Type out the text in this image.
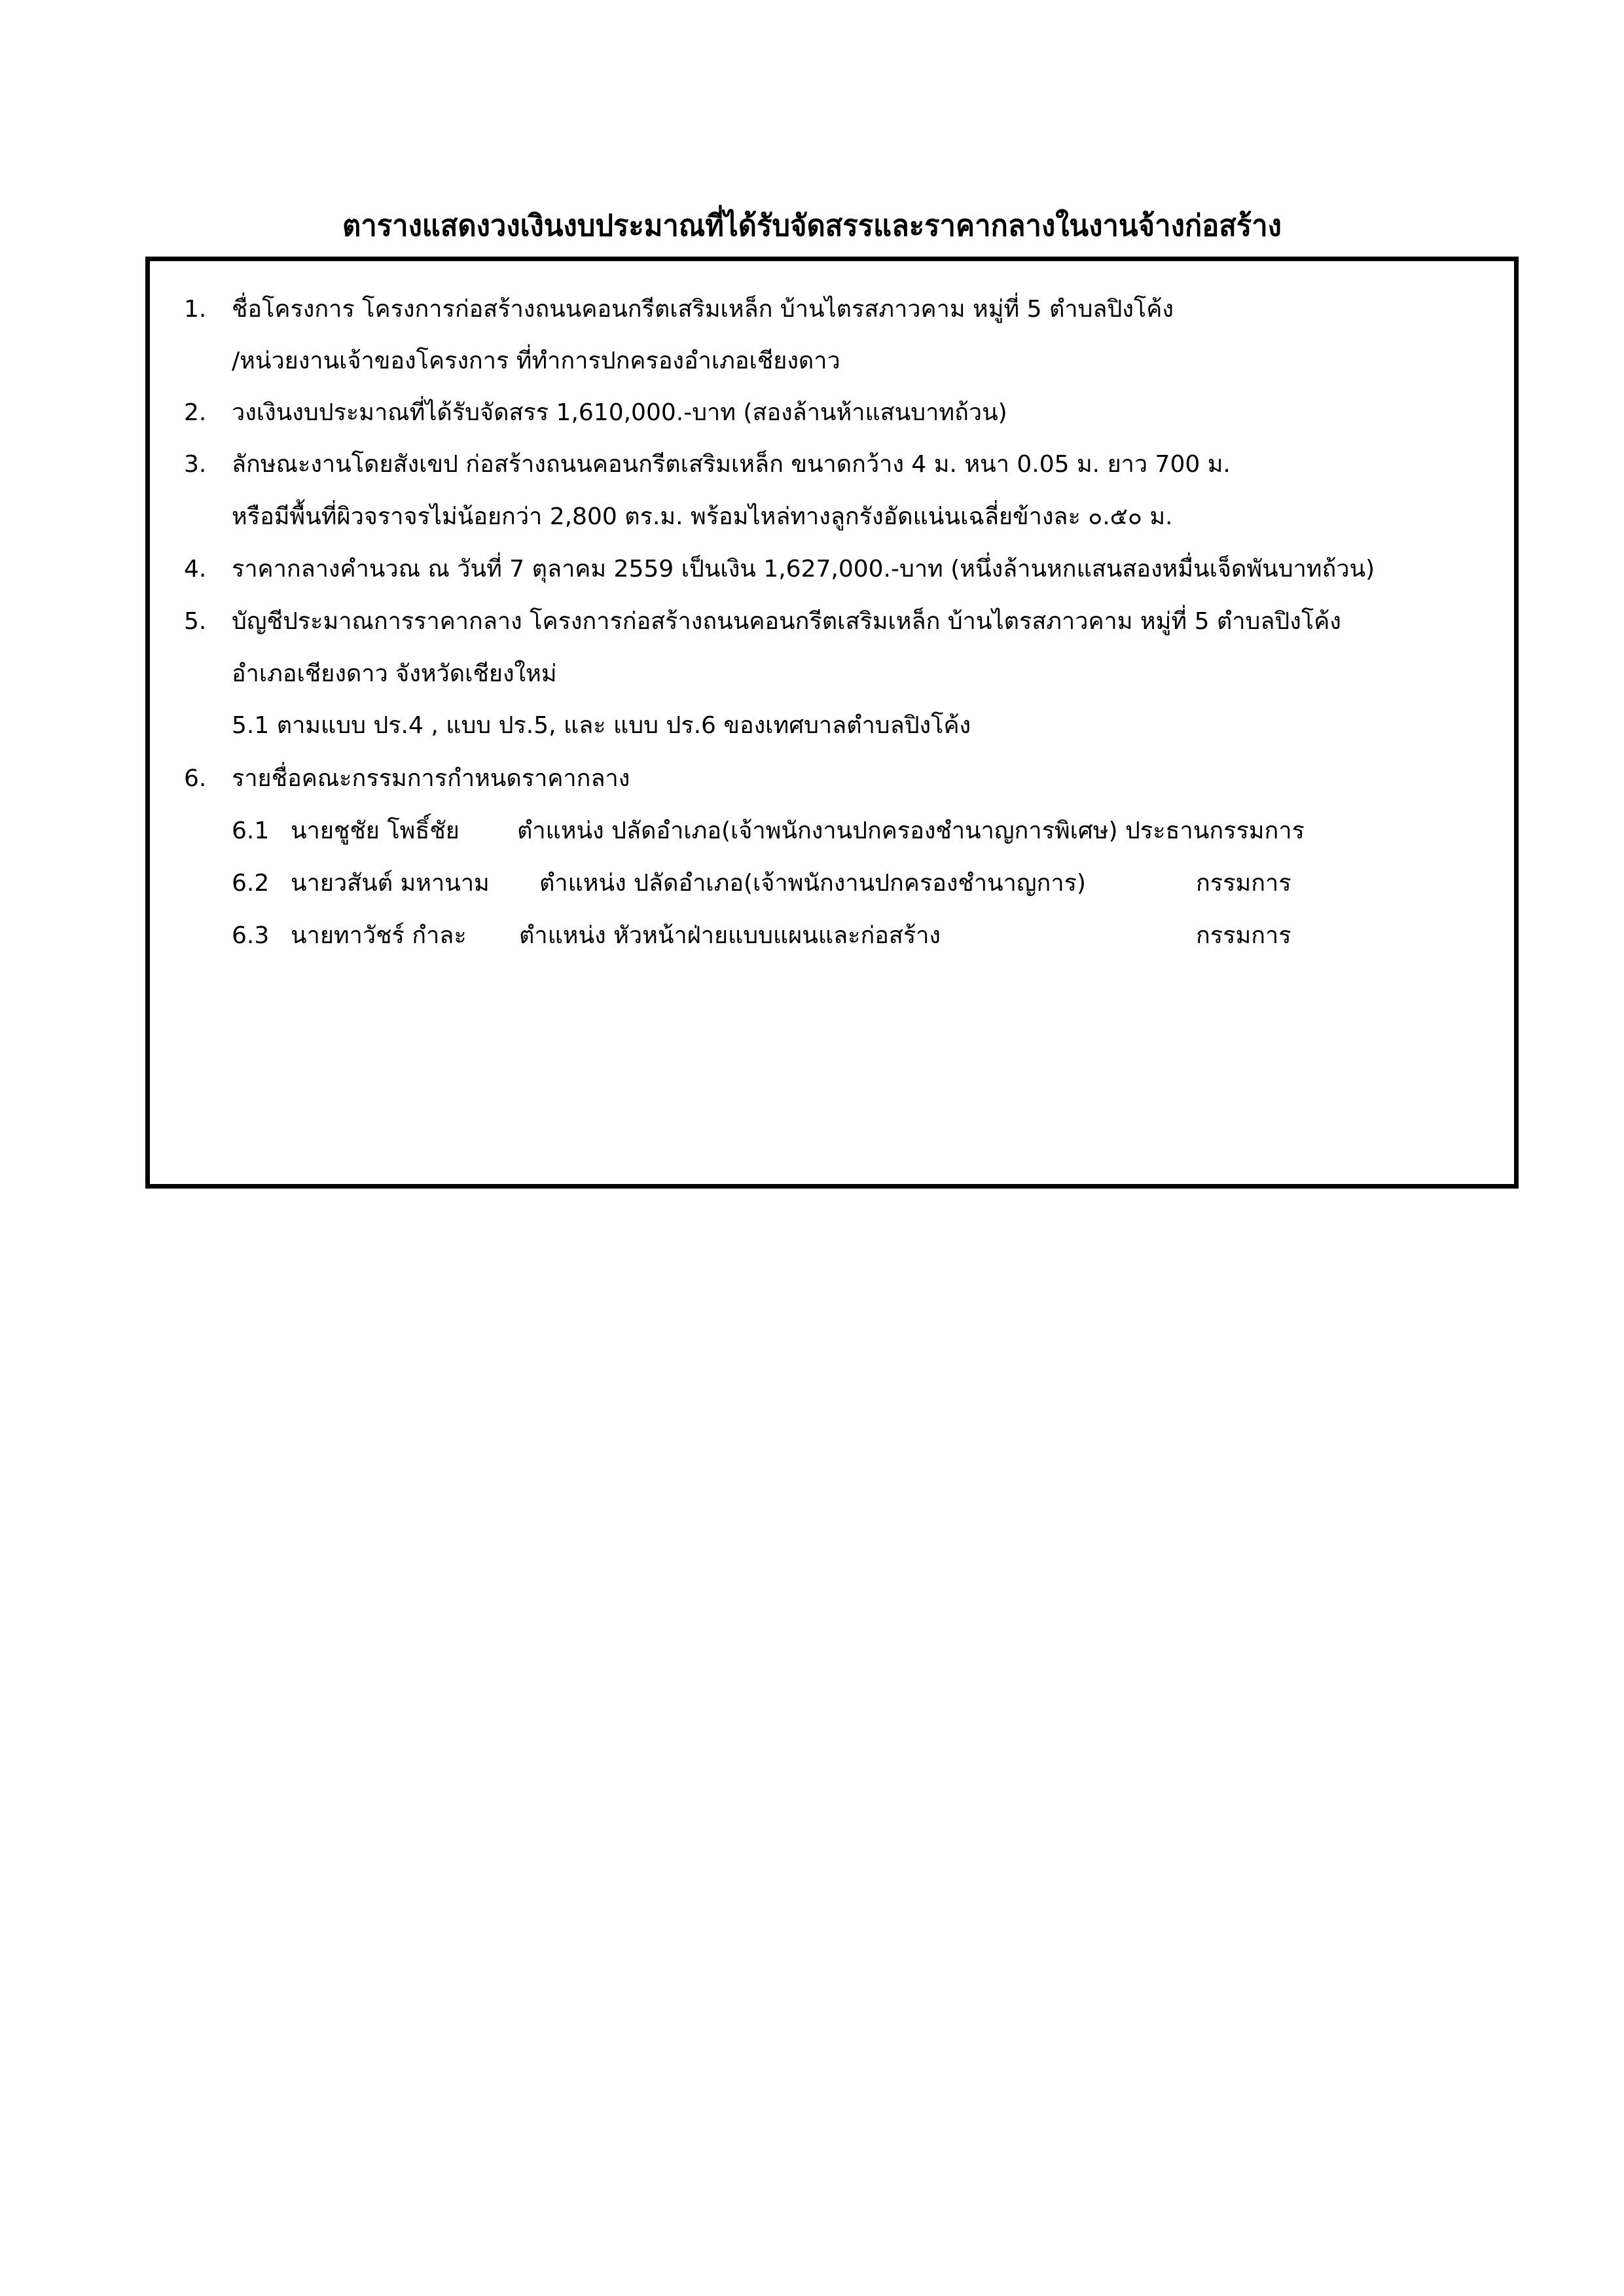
ตารางแสดงวงเงินงบประมาณที่ได้รับจัดสรรและราคากลางในงานจ้างก่อสร้าง
1. ชื่อโครงการ โครงการก่อสร้างถนนคอนกรีตเสริมเหล็ก บ้านไตรสภาวคาม หมู่ที่ 5 ตำบลปิงโค้ง
/หน่วยงานเจ้าของโครงการ ที่ทำการปกครองอำเภอเชียงดาว
2. วงเงินงบประมาณที่ได้รับจัดสรร 1,610,000.-บาท (สองล้านห้าแสนบาทถ้วน)
3. ลักษณะงานโดยสังเขป ก่อสร้างถนนคอนกรีตเสริมเหล็ก ขนาดกว้าง 4 ม. หนา 0.05 ม. ยาว 700 ม.
หรือมีพื้นที่ผิวจราจรไม่น้อยกว่า 2,800 ตร.ม. พร้อมไหล่ทางลูกรังอัดแน่นเฉลี่ยข้างละ ๐.๕๐ ม.
4. ราคากลางคำนวณ ณ วันที่ 7 ตุลาคม 2559 เป็นเงิน 1,627,000.-บาท (หนึ่งล้านหกแสนสองหมื่นเจ็ดพันบาทถ้วน)
5. บัญชีประมาณการราคากลาง โครงการก่อสร้างถนนคอนกรีตเสริมเหล็ก บ้านไตรสภาวคาม หมู่ที่ 5 ตำบลปิงโค้ง
อำเภอเชียงดาว จังหวัดเชียงใหม่
5.1 ตามแบบ ปร.4 , แบบ ปร.5, และ แบบ ปร.6 ของเทศบาลตำบลปิงโค้ง
6. รายชื่อคณะกรรมการกำหนดราคากลาง
6.1 นายชูชัย โพธิ์ชัย ตำแหน่ง ปลัดอำเภอ(เจ้าพนักงานปกครองชำนาญการพิเศษ) ประธานกรรมการ
6.2 นายวสันต์ มหานาม ตำแหน่ง ปลัดอำเภอ(เจ้าพนักงานปกครองชำนาญการ)	กรรมการ
6.3 นายทาวัชร์ กำละ ตำแหน่ง หัวหน้าฝ่ายแบบแผนและก่อสร้าง	กรรมการ
